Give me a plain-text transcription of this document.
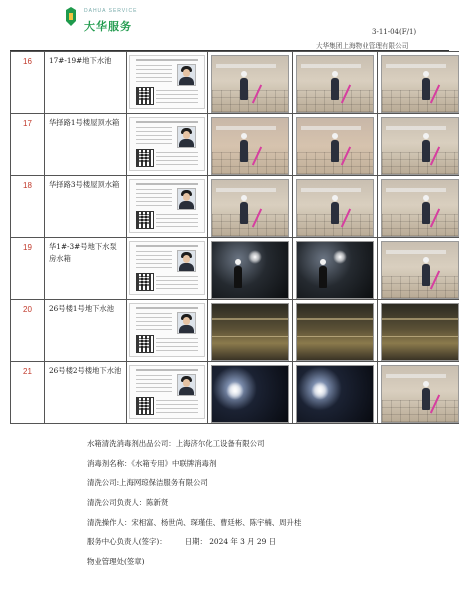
DAHUA SERVICE
大华服务	3-11-04(F/1)
大华集团上海物业管理有限公司
16	17#-19#地下水池	

17	华择路1号楼屋顶水箱	

18	华择路3号楼屋顶水箱	

19	华1#-3#号地下水泵房水箱	

20	26号楼1号地下水池	

21	26号楼2号楼地下水池	

水箱清洗消毒剂出品公司：上海济尔化工设备有限公司
消毒剂名称：《水箱专用》中联牌消毒剂
清洗公司:上海网琼保洁服务有限公司
清洗公司负责人：陈新贤
清洗操作人：宋相富、杨世尚、琛瑾佳、曹廷彬、陈宇楠、周升桂
服务中心负责人(签字)： 日期： 2024 年 3 月 29 日
物业管理处(签章)
